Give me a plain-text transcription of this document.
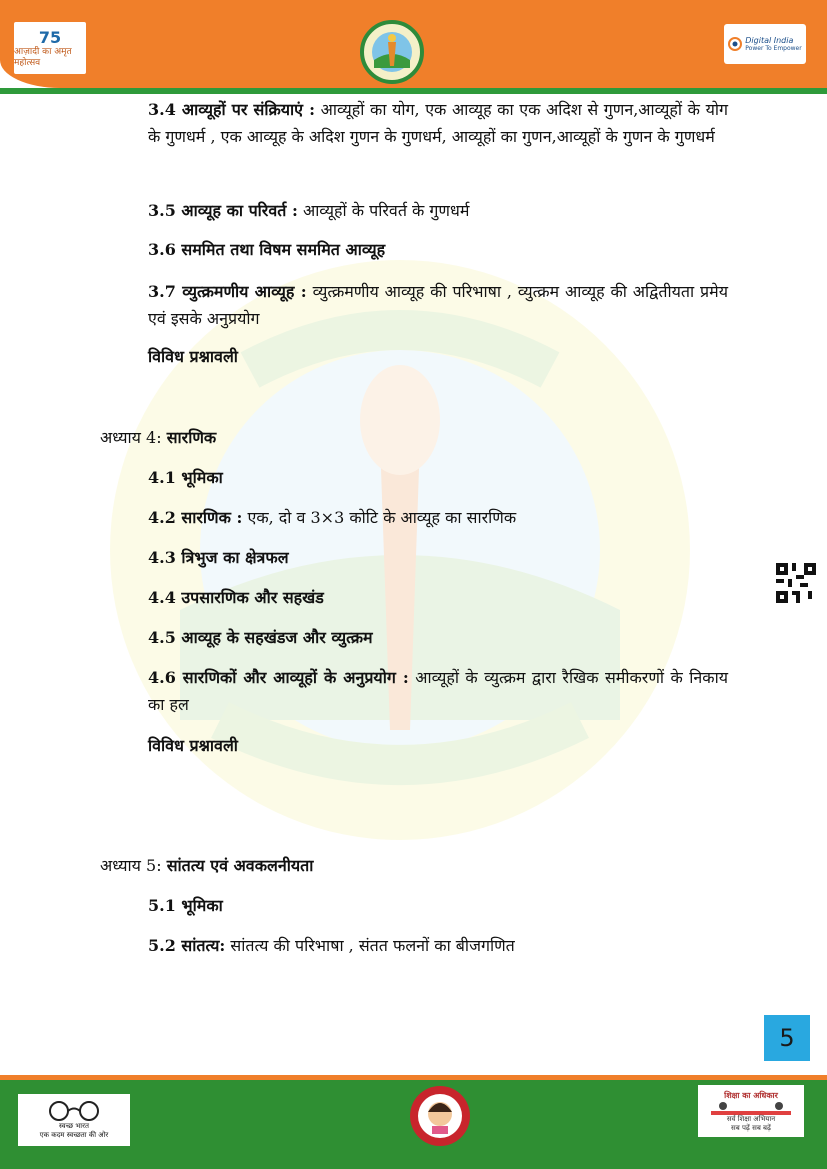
75
आज़ादी का अमृत महोत्सव
Digital India
Power To Empower
3.4 आव्यूहों पर संक्रियाएं : आव्यूहों का योग, एक आव्यूह का एक अदिश से गुणन,आव्यूहों के योग के गुणधर्म , एक आव्यूह के अदिश गुणन के गुणधर्म, आव्यूहों का गुणन,आव्यूहों के गुणन के गुणधर्म
3.5 आव्यूह का परिवर्त : आव्यूहों के परिवर्त के गुणधर्म
3.6 सममित तथा विषम सममित आव्यूह
3.7 व्युत्क्रमणीय आव्यूह : व्युत्क्रमणीय आव्यूह की परिभाषा , व्युत्क्रम आव्यूह की अद्वितीयता प्रमेय एवं इसके अनुप्रयोग
विविध प्रश्नावली
अध्याय 4: सारणिक
4.1 भूमिका
4.2 सारणिक : एक, दो व 3×3 कोटि के आव्यूह का सारणिक
4.3 त्रिभुज का क्षेत्रफल
4.4 उपसारणिक और सहखंड
4.5 आव्यूह के सहखंडज और व्युत्क्रम
4.6 सारणिकों और आव्यूहों के अनुप्रयोग : आव्यूहों के व्युत्क्रम द्वारा रैखिक समीकरणों के निकाय का हल
विविध प्रश्नावली
अध्याय 5: सांतत्य एवं अवकलनीयता
5.1 भूमिका
5.2 सांतत्य: सांतत्य की परिभाषा , संतत फलनों का बीजगणित
5
स्वच्छ भारत
एक कदम स्वच्छता की ओर
शिक्षा का अधिकार
सर्व शिक्षा अभियान
सब पढ़ें सब बढ़ें
